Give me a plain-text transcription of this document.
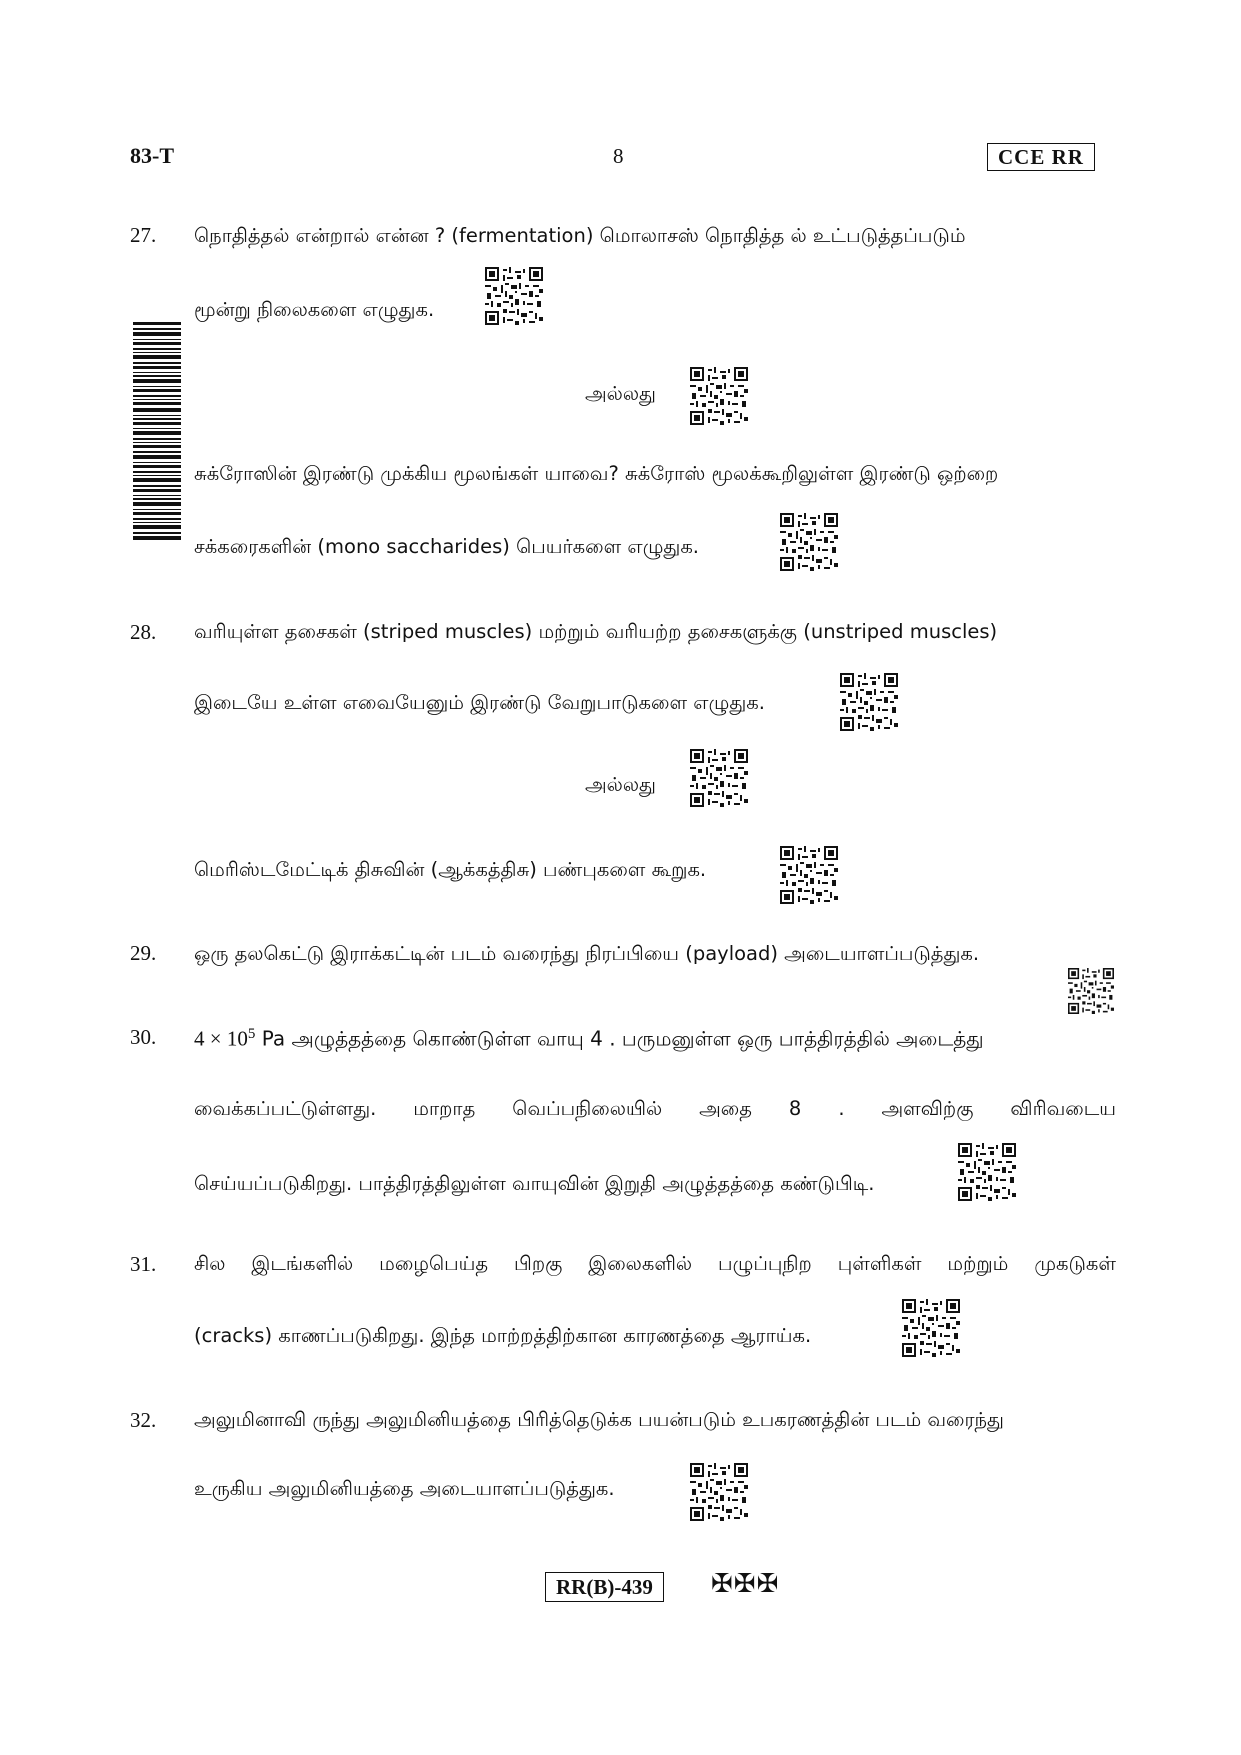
83-T	8	CCE RR
27. நொதித்தல் என்றால் என்ன ? (fermentation) மொலாசஸ் நொதித்த ல் உட்படுத்தப்படும்
மூன்று நிலைகளை எழுதுக.
அல்லது
சுக்ரோஸின் இரண்டு முக்கிய மூலங்கள் யாவை? சுக்ரோஸ் மூலக்கூறிலுள்ள இரண்டு ஒற்றை
சக்கரைகளின் (mono saccharides) பெயர்களை எழுதுக.
28. வரியுள்ள தசைகள் (striped muscles) மற்றும் வரியற்ற தசைகளுக்கு (unstriped muscles)
இடையே உள்ள எவையேனும் இரண்டு வேறுபாடுகளை எழுதுக.
அல்லது
மெரிஸ்டமேட்டிக் திசுவின் (ஆக்கத்திசு) பண்புகளை கூறுக.
29. ஒரு தலகெட்டு இராக்கட்டின் படம் வரைந்து நிரப்பியை (payload) அடையாளப்படுத்துக.
30. $4 \times 10^5$ Pa அழுத்தத்தை கொண்டுள்ள வாயு 4 . பருமனுள்ள ஒரு பாத்திரத்தில் அடைத்து
வைக்கப்பட்டுள்ளது. மாறாத வெப்பநிலையில் அதை 8 . அளவிற்கு விரிவடைய
செய்யப்படுகிறது. பாத்திரத்திலுள்ள வாயுவின் இறுதி அழுத்தத்தை கண்டுபிடி.
31. சில இடங்களில் மழைபெய்த பிறகு இலைகளில் பழுப்புநிற புள்ளிகள் மற்றும் முகடுகள்
(cracks) காணப்படுகிறது. இந்த மாற்றத்திற்கான காரணத்தை ஆராய்க.
32. அலுமினாவி ருந்து அலுமினியத்தை பிரித்தெடுக்க பயன்படும் உபகரணத்தின் படம் வரைந்து
உருகிய அலுமினியத்தை அடையாளப்படுத்துக.
RR(B)-439	✠✠✠
